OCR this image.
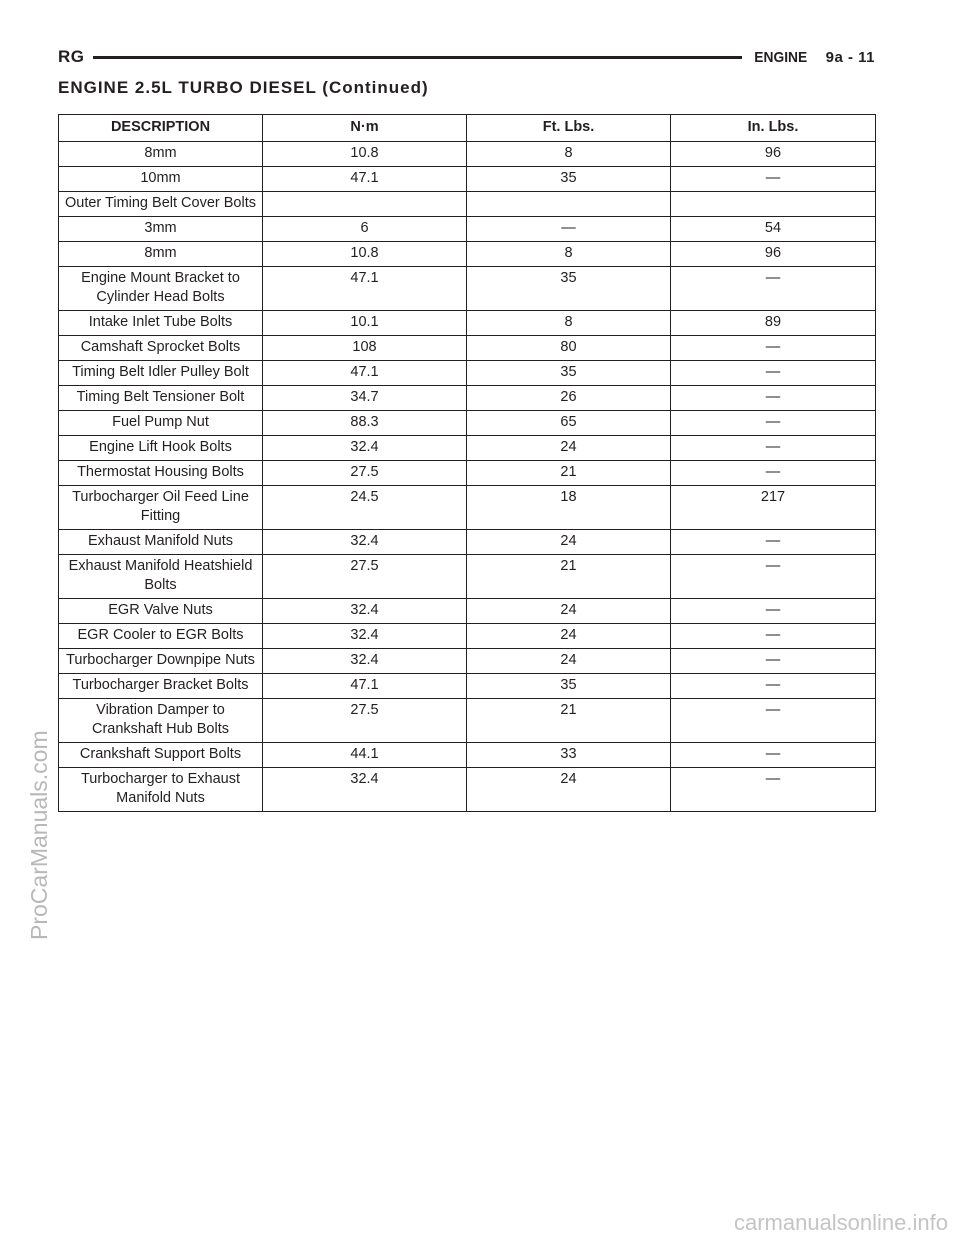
RG	ENGINE 9a - 11
ENGINE 2.5L TURBO DIESEL (Continued)
DESCRIPTION	N·m	Ft. Lbs.	In. Lbs.
8mm	10.8	8	96
10mm	47.1	35	—
Outer Timing Belt Cover Bolts			
3mm	6	—	54
8mm	10.8	8	96
Engine Mount Bracket to Cylinder Head Bolts	47.1	35	—
Intake Inlet Tube Bolts	10.1	8	89
Camshaft Sprocket Bolts	108	80	—
Timing Belt Idler Pulley Bolt	47.1	35	—
Timing Belt Tensioner Bolt	34.7	26	—
Fuel Pump Nut	88.3	65	—
Engine Lift Hook Bolts	32.4	24	—
Thermostat Housing Bolts	27.5	21	—
Turbocharger Oil Feed Line Fitting	24.5	18	217
Exhaust Manifold Nuts	32.4	24	—
Exhaust Manifold Heatshield Bolts	27.5	21	—
EGR Valve Nuts	32.4	24	—
EGR Cooler to EGR Bolts	32.4	24	—
Turbocharger Downpipe Nuts	32.4	24	—
Turbocharger Bracket Bolts	47.1	35	—
Vibration Damper to Crankshaft Hub Bolts	27.5	21	—
Crankshaft Support Bolts	44.1	33	—
Turbocharger to Exhaust Manifold Nuts	32.4	24	—
ProCarManuals.com
carmanualsonline.info
